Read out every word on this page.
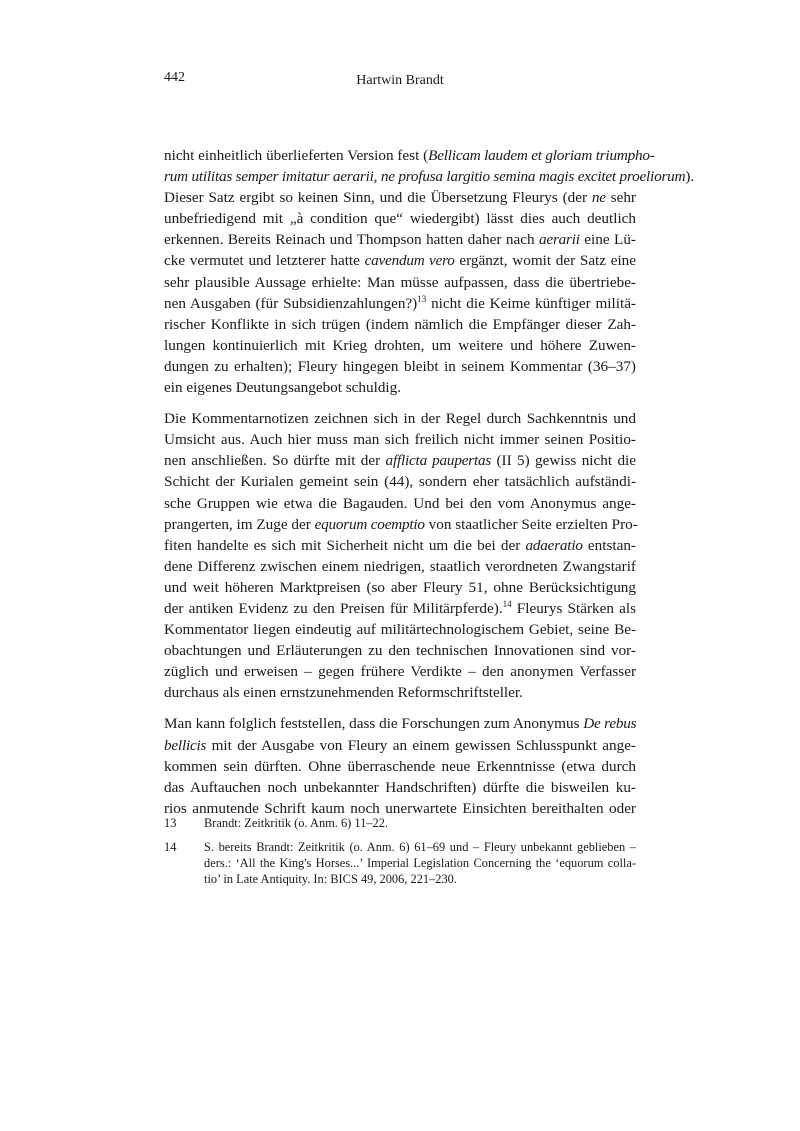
442	Hartwin Brandt
nicht einheitlich überlieferten Version fest (Bellicam laudem et gloriam triumpho-
rum utilitas semper imitatur aerarii, ne profusa largitio semina magis excitet proeliorum).
Dieser Satz ergibt so keinen Sinn, und die Übersetzung Fleurys (der ne sehr
unbefriedigend mit „à condition que“ wiedergibt) lässt dies auch deutlich
erkennen. Bereits Reinach und Thompson hatten daher nach aerarii eine Lü-
cke vermutet und letzterer hatte cavendum vero ergänzt, womit der Satz eine
sehr plausible Aussage erhielte: Man müsse aufpassen, dass die übertriebe-
nen Ausgaben (für Subsidienzahlungen?)$^{13}$ nicht die Keime künftiger militä-
rischer Konflikte in sich trügen (indem nämlich die Empfänger dieser Zah-
lungen kontinuierlich mit Krieg drohten, um weitere und höhere Zuwen-
dungen zu erhalten); Fleury hingegen bleibt in seinem Kommentar (36–37)
ein eigenes Deutungsangebot schuldig.
Die Kommentarnotizen zeichnen sich in der Regel durch Sachkenntnis und
Umsicht aus. Auch hier muss man sich freilich nicht immer seinen Positio-
nen anschließen. So dürfte mit der afflicta paupertas (II 5) gewiss nicht die
Schicht der Kurialen gemeint sein (44), sondern eher tatsächlich aufständi-
sche Gruppen wie etwa die Bagauden. Und bei den vom Anonymus ange-
prangerten, im Zuge der equorum coemptio von staatlicher Seite erzielten Pro-
fiten handelte es sich mit Sicherheit nicht um die bei der adaeratio entstan-
dene Differenz zwischen einem niedrigen, staatlich verordneten Zwangstarif
und weit höheren Marktpreisen (so aber Fleury 51, ohne Berücksichtigung
der antiken Evidenz zu den Preisen für Militärpferde).$^{14}$ Fleurys Stärken als
Kommentator liegen eindeutig auf militärtechnologischem Gebiet, seine Be-
obachtungen und Erläuterungen zu den technischen Innovationen sind vor-
züglich und erweisen – gegen frühere Verdikte – den anonymen Verfasser
durchaus als einen ernstzunehmenden Reformschriftsteller.
Man kann folglich feststellen, dass die Forschungen zum Anonymus De rebus
bellicis mit der Ausgabe von Fleury an einem gewissen Schlusspunkt ange-
kommen sein dürften. Ohne überraschende neue Erkenntnisse (etwa durch
das Auftauchen noch unbekannter Handschriften) dürfte die bisweilen ku-
rios anmutende Schrift kaum noch unerwartete Einsichten bereithalten oder
13	Brandt: Zeitkritik (o. Anm. 6) 11–22.
14	S. bereits Brandt: Zeitkritik (o. Anm. 6) 61–69 und – Fleury unbekannt geblieben –
ders.: ‘All the King's Horses...’ Imperial Legislation Concerning the ‘equorum colla-
tio’ in Late Antiquity. In: BICS 49, 2006, 221–230.
